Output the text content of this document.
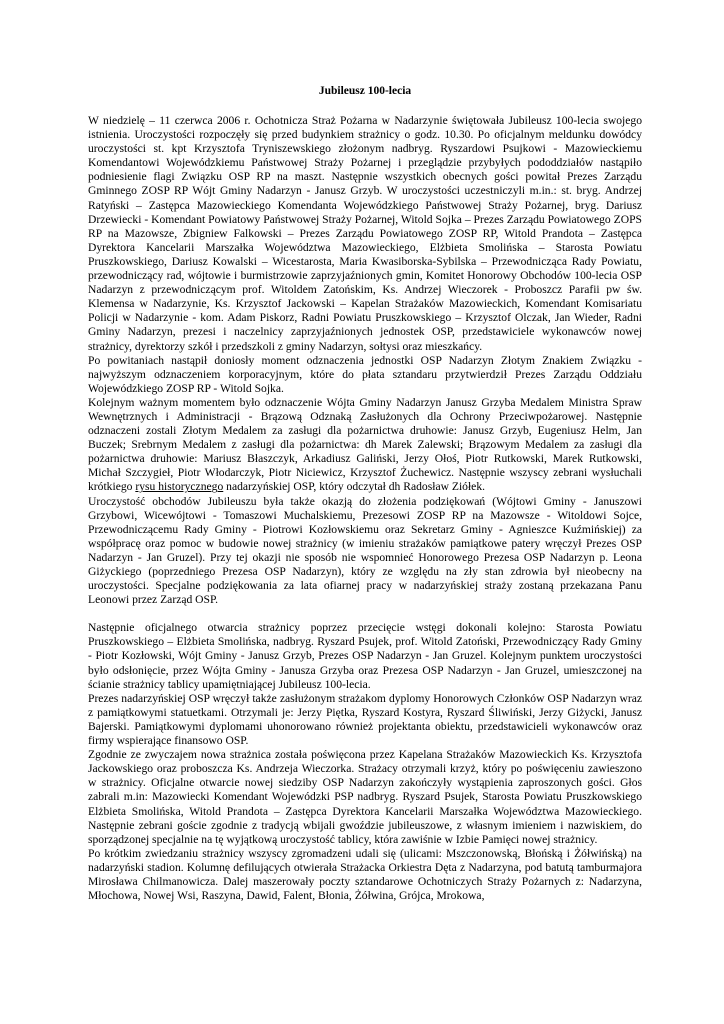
Jubileusz 100-lecia

W niedzielę – 11 czerwca 2006 r. Ochotnicza Straż Pożarna w Nadarzynie świętowała Jubileusz 100-lecia swojego istnienia. Uroczystości rozpoczęły się przed budynkiem strażnicy o godz. 10.30. Po oficjalnym meldunku dowódcy uroczystości st. kpt Krzysztofa Tryniszewskiego złożonym nadbryg. Ryszardowi Psujkowi - Mazowieckiemu Komendantowi Wojewódzkiemu Państwowej Straży Pożarnej i przeglądzie przybyłych pododdziałów nastąpiło podniesienie flagi Związku OSP RP na maszt. Następnie wszystkich obecnych gości powitał Prezes Zarządu Gminnego ZOSP RP Wójt Gminy Nadarzyn - Janusz Grzyb. W uroczystości uczestniczyli m.in.: st. bryg. Andrzej Ratyński – Zastępca Mazowieckiego Komendanta Wojewódzkiego Państwowej Straży Pożarnej, bryg. Dariusz Drzewiecki - Komendant Powiatowy Państwowej Straży Pożarnej, Witold Sojka – Prezes Zarządu Powiatowego ZOPS RP na Mazowsze, Zbigniew Falkowski – Prezes Zarządu Powiatowego ZOSP RP, Witold Prandota – Zastępca Dyrektora Kancelarii Marszałka Województwa Mazowieckiego, Elżbieta Smolińska – Starosta Powiatu Pruszkowskiego, Dariusz Kowalski – Wicestarosta, Maria Kwasiborska-Sybilska – Przewodnicząca Rady Powiatu, przewodniczący rad, wójtowie i burmistrzowie zaprzyjaźnionych gmin, Komitet Honorowy Obchodów 100-lecia OSP Nadarzyn z przewodniczącym prof. Witoldem Zatońskim, Ks. Andrzej Wieczorek - Proboszcz Parafii pw św. Klemensa w Nadarzynie, Ks. Krzysztof Jackowski – Kapelan Strażaków Mazowieckich, Komendant Komisariatu Policji w Nadarzynie - kom. Adam Piskorz, Radni Powiatu Pruszkowskiego – Krzysztof Olczak, Jan Wieder, Radni Gminy Nadarzyn, prezesi i naczelnicy zaprzyjaźnionych jednostek OSP, przedstawiciele wykonawców nowej strażnicy, dyrektorzy szkół i przedszkoli z gminy Nadarzyn, sołtysi oraz mieszkańcy.

Po powitaniach nastąpił doniosły moment odznaczenia jednostki OSP Nadarzyn Złotym Znakiem Związku - najwyższym odznaczeniem korporacyjnym, które do płata sztandaru przytwierdził Prezes Zarządu Oddziału Wojewódzkiego ZOSP RP - Witold Sojka.

Kolejnym ważnym momentem było odznaczenie Wójta Gminy Nadarzyn Janusz Grzyba Medalem Ministra Spraw Wewnętrznych i Administracji - Brązową Odznaką Zasłużonych dla Ochrony Przeciwpożarowej. Następnie odznaczeni zostali Złotym Medalem za zasługi dla pożarnictwa druhowie: Janusz Grzyb, Eugeniusz Helm, Jan Buczek; Srebrnym Medalem z zasługi dla pożarnictwa: dh Marek Zalewski; Brązowym Medalem za zasługi dla pożarnictwa druhowie: Mariusz Błaszczyk, Arkadiusz Galiński, Jerzy Ołoś, Piotr Rutkowski, Marek Rutkowski, Michał Szczygieł, Piotr Włodarczyk, Piotr Niciewicz, Krzysztof Żuchewicz. Następnie wszyscy zebrani wysłuchali krótkiego rysu historycznego nadarzyńskiej OSP, który odczytał dh Radosław Ziółek.

Uroczystość obchodów Jubileuszu była także okazją do złożenia podziękowań (Wójtowi Gminy - Januszowi Grzybowi, Wicewójtowi - Tomaszowi Muchalskiemu, Prezesowi ZOSP RP na Mazowsze - Witoldowi Sojce, Przewodniczącemu Rady Gminy - Piotrowi Kozłowskiemu oraz Sekretarz Gminy - Agnieszce Kuźmińskiej) za współpracę oraz pomoc w budowie nowej strażnicy (w imieniu strażaków pamiątkowe patery wręczył Prezes OSP Nadarzyn - Jan Gruzel). Przy tej okazji nie sposób nie wspomnieć Honorowego Prezesa OSP Nadarzyn p. Leona Giżyckiego (poprzedniego Prezesa OSP Nadarzyn), który ze względu na zły stan zdrowia był nieobecny na uroczystości. Specjalne podziękowania za lata ofiarnej pracy w nadarzyńskiej straży zostaną przekazana Panu Leonowi przez Zarząd OSP.

Następnie oficjalnego otwarcia strażnicy poprzez przecięcie wstęgi dokonali kolejno: Starosta Powiatu Pruszkowskiego – Elżbieta Smolińska, nadbryg. Ryszard Psujek, prof. Witold Zatoński, Przewodniczący Rady Gminy - Piotr Kozłowski, Wójt Gminy - Janusz Grzyb, Prezes OSP Nadarzyn - Jan Gruzel. Kolejnym punktem uroczystości było odsłonięcie, przez Wójta Gminy - Janusza Grzyba oraz Prezesa OSP Nadarzyn - Jan Gruzel, umieszczonej na ścianie strażnicy tablicy upamiętniającej Jubileusz 100-lecia.

Prezes nadarzyńskiej OSP wręczył także zasłużonym strażakom dyplomy Honorowych Członków OSP Nadarzyn wraz z pamiątkowymi statuetkami. Otrzymali je: Jerzy Piętka, Ryszard Kostyra, Ryszard Śliwiński, Jerzy Giżycki, Janusz Bajerski. Pamiątkowymi dyplomami uhonorowano również projektanta obiektu, przedstawicieli wykonawców oraz firmy wspierające finansowo OSP.

Zgodnie ze zwyczajem nowa strażnica została poświęcona przez Kapelana Strażaków Mazowieckich Ks. Krzysztofa Jackowskiego oraz proboszcza Ks. Andrzeja Wieczorka. Strażacy otrzymali krzyż, który po poświęceniu zawieszono w strażnicy. Oficjalne otwarcie nowej siedziby OSP Nadarzyn zakończyły wystąpienia zaproszonych gości. Głos zabrali m.in: Mazowiecki Komendant Wojewódzki PSP nadbryg. Ryszard Psujek, Starosta Powiatu Pruszkowskiego Elżbieta Smolińska, Witold Prandota – Zastępca Dyrektora Kancelarii Marszałka Województwa Mazowieckiego. Następnie zebrani goście zgodnie z tradycją wbijali gwoździe jubileuszowe, z własnym imieniem i nazwiskiem, do sporządzonej specjalnie na tę wyjątkową uroczystość tablicy, która zawiśnie w Izbie Pamięci nowej strażnicy.

Po krótkim zwiedzaniu strażnicy wszyscy zgromadzeni udali się (ulicami: Mszczonowską, Błońską i Żółwińską) na nadarzyński stadion. Kolumnę defilujących otwierała Strażacka Orkiestra Dęta z Nadarzyna, pod batutą tamburmajora Mirosława Chilmanowicza. Dalej maszerowały poczty sztandarowe Ochotniczych Straży Pożarnych z: Nadarzyna, Młochowa, Nowej Wsi, Raszyna, Dawid, Falent, Błonia, Żółwina, Grójca, Mrokowa,
